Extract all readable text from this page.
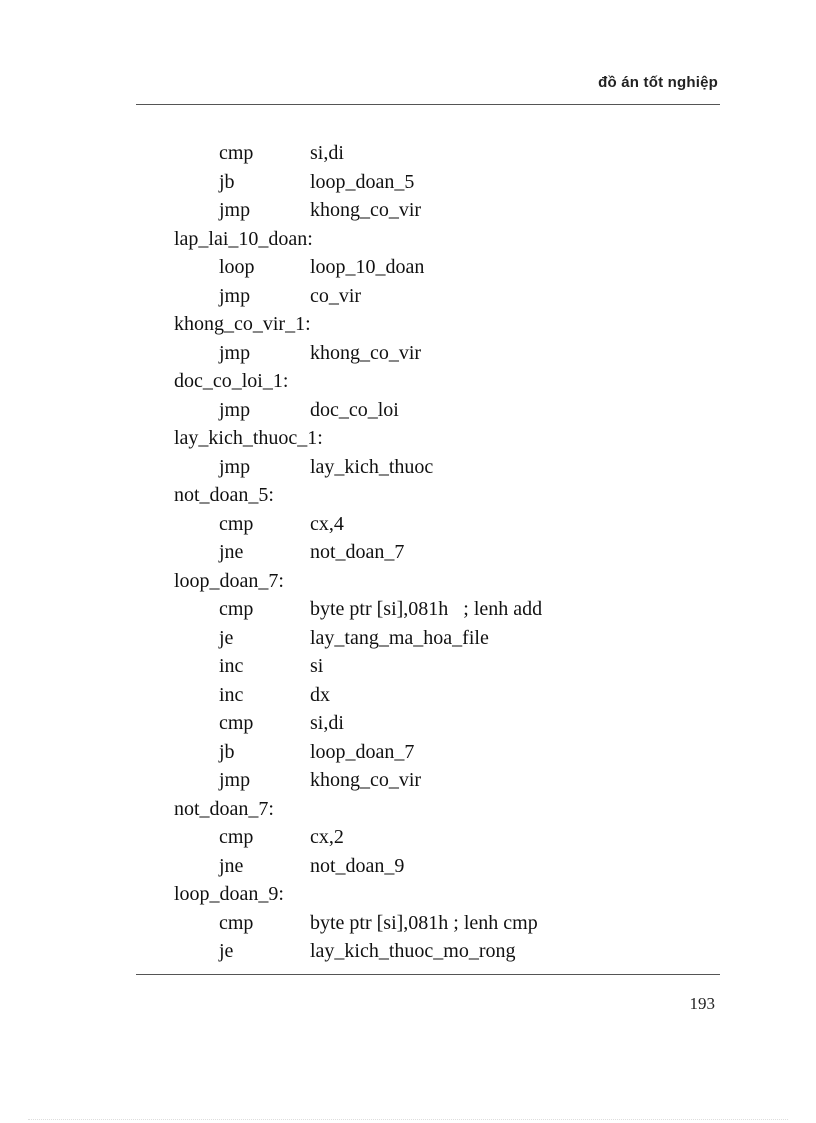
đồ án tốt nghiệp
cmp	si,di
jb	loop_doan_5
jmp	khong_co_vir
lap_lai_10_doan:
loop	loop_10_doan
jmp	co_vir
khong_co_vir_1:
jmp	khong_co_vir
doc_co_loi_1:
jmp	doc_co_loi
lay_kich_thuoc_1:
jmp	lay_kich_thuoc
not_doan_5:
cmp	cx,4
jne	not_doan_7
loop_doan_7:
cmp	byte ptr [si],081h   ; lenh add
je	lay_tang_ma_hoa_file
inc	si
inc	dx
cmp	si,di
jb	loop_doan_7
jmp	khong_co_vir
not_doan_7:
cmp	cx,2
jne	not_doan_9
loop_doan_9:
cmp	byte ptr [si],081h ; lenh cmp
je	lay_kich_thuoc_mo_rong
193
